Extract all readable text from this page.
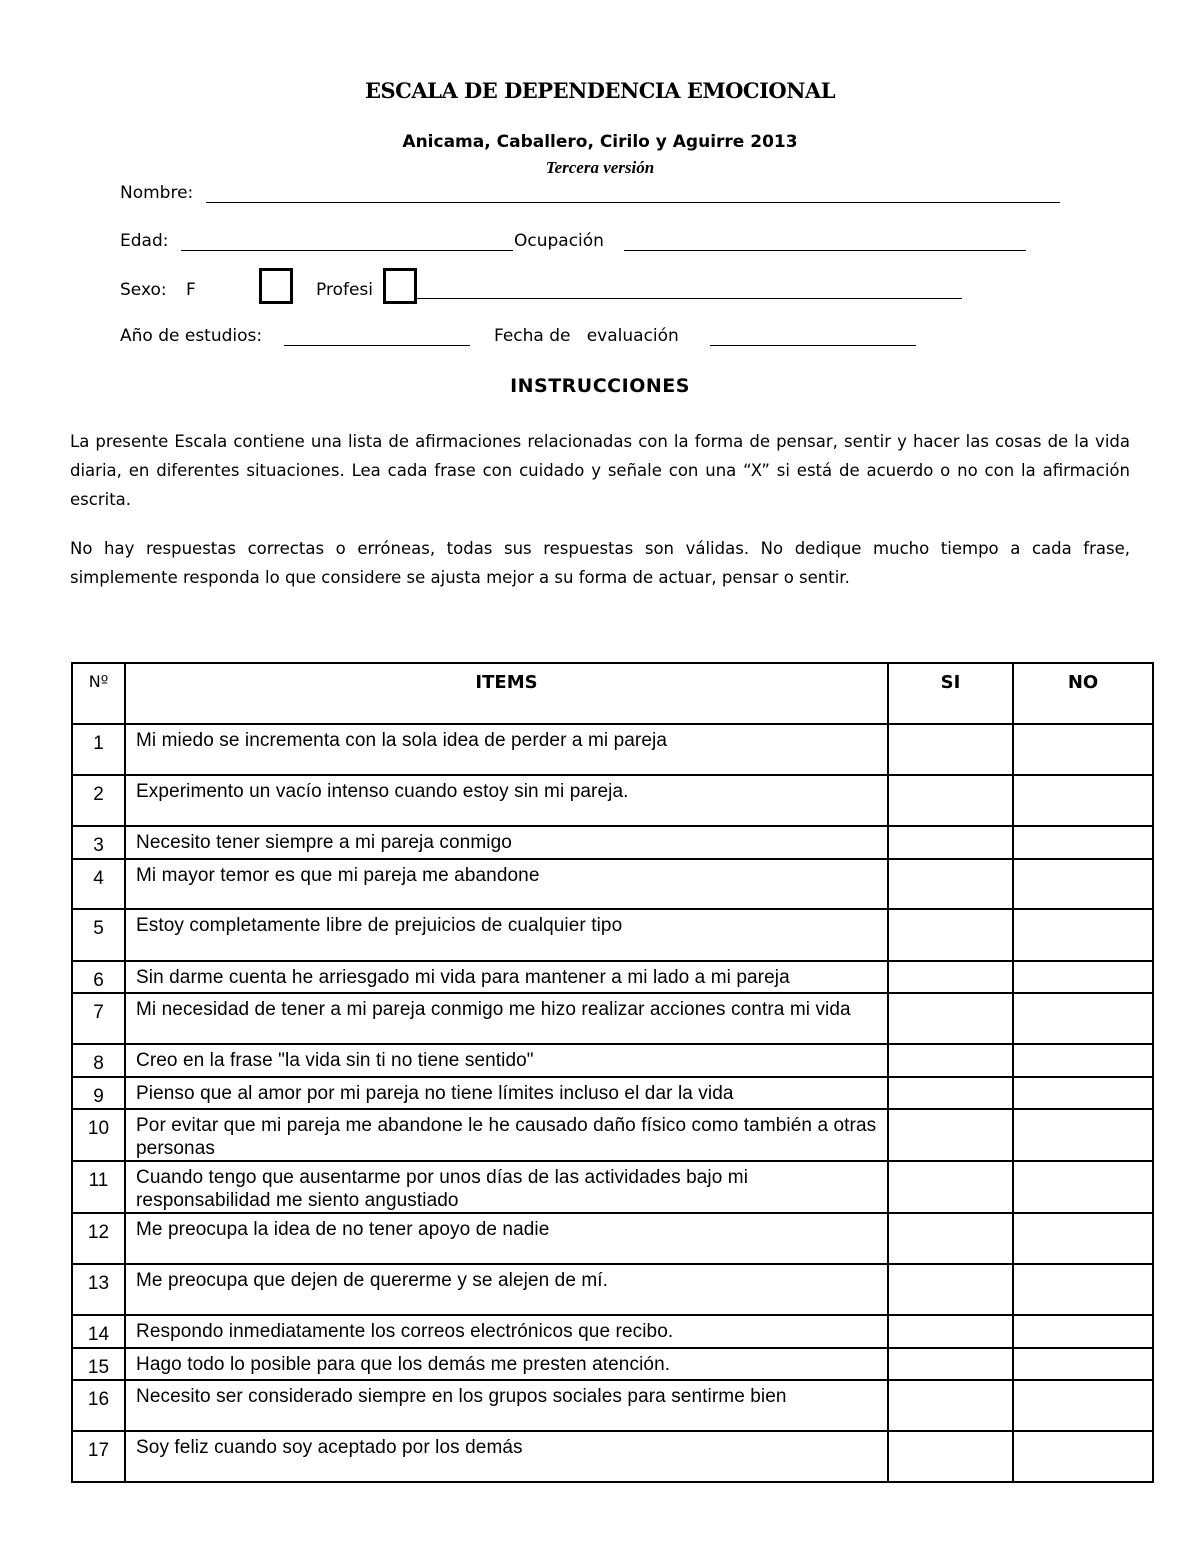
ESCALA DE DEPENDENCIA EMOCIONAL
Anicama, Caballero, Cirilo y Aguirre 2013
Tercera versión
Nombre:
Edad:	Ocupación
Sexo: F	Profesi
Año de estudios:	Fecha de   evaluación
INSTRUCCIONES
La presente Escala contiene una lista de afirmaciones relacionadas con la forma de pensar, sentir y hacer las cosas de la vida diaria, en diferentes situaciones. Lea cada frase con cuidado y señale con una “X” si está de acuerdo o no con la afirmación escrita.
No hay respuestas correctas o erróneas, todas sus respuestas son válidas. No dedique mucho tiempo a cada frase, simplemente responda lo que considere se ajusta mejor a su forma de actuar, pensar o sentir.
Nº	ITEMS	SI	NO
1	Mi miedo se incrementa con la sola idea de perder a mi pareja		
2	Experimento un vacío intenso cuando estoy sin mi pareja.		
3	Necesito tener siempre a mi pareja conmigo		
4	Mi mayor temor es que mi pareja me abandone		
5	Estoy completamente libre de prejuicios de cualquier tipo		
6	Sin darme cuenta he arriesgado mi vida para mantener a mi lado a mi pareja		
7	Mi necesidad de tener a mi pareja conmigo me hizo realizar acciones contra mi vida		
8	Creo en la frase "la vida sin ti no tiene sentido"		
9	Pienso que al amor por mi pareja no tiene límites incluso el dar la vida		
10	Por evitar que mi pareja me abandone le he causado daño físico como también a otras personas		
11	Cuando tengo que ausentarme por unos días de las actividades bajo mi responsabilidad me siento angustiado		
12	Me preocupa la idea de no tener apoyo de nadie		
13	Me preocupa que dejen de quererme y se alejen de mí.		
14	Respondo inmediatamente los correos electrónicos que recibo.		
15	Hago todo lo posible para que los demás me presten atención.		
16	Necesito ser considerado siempre en los grupos sociales para sentirme bien		
17	Soy feliz cuando soy aceptado por los demás		
